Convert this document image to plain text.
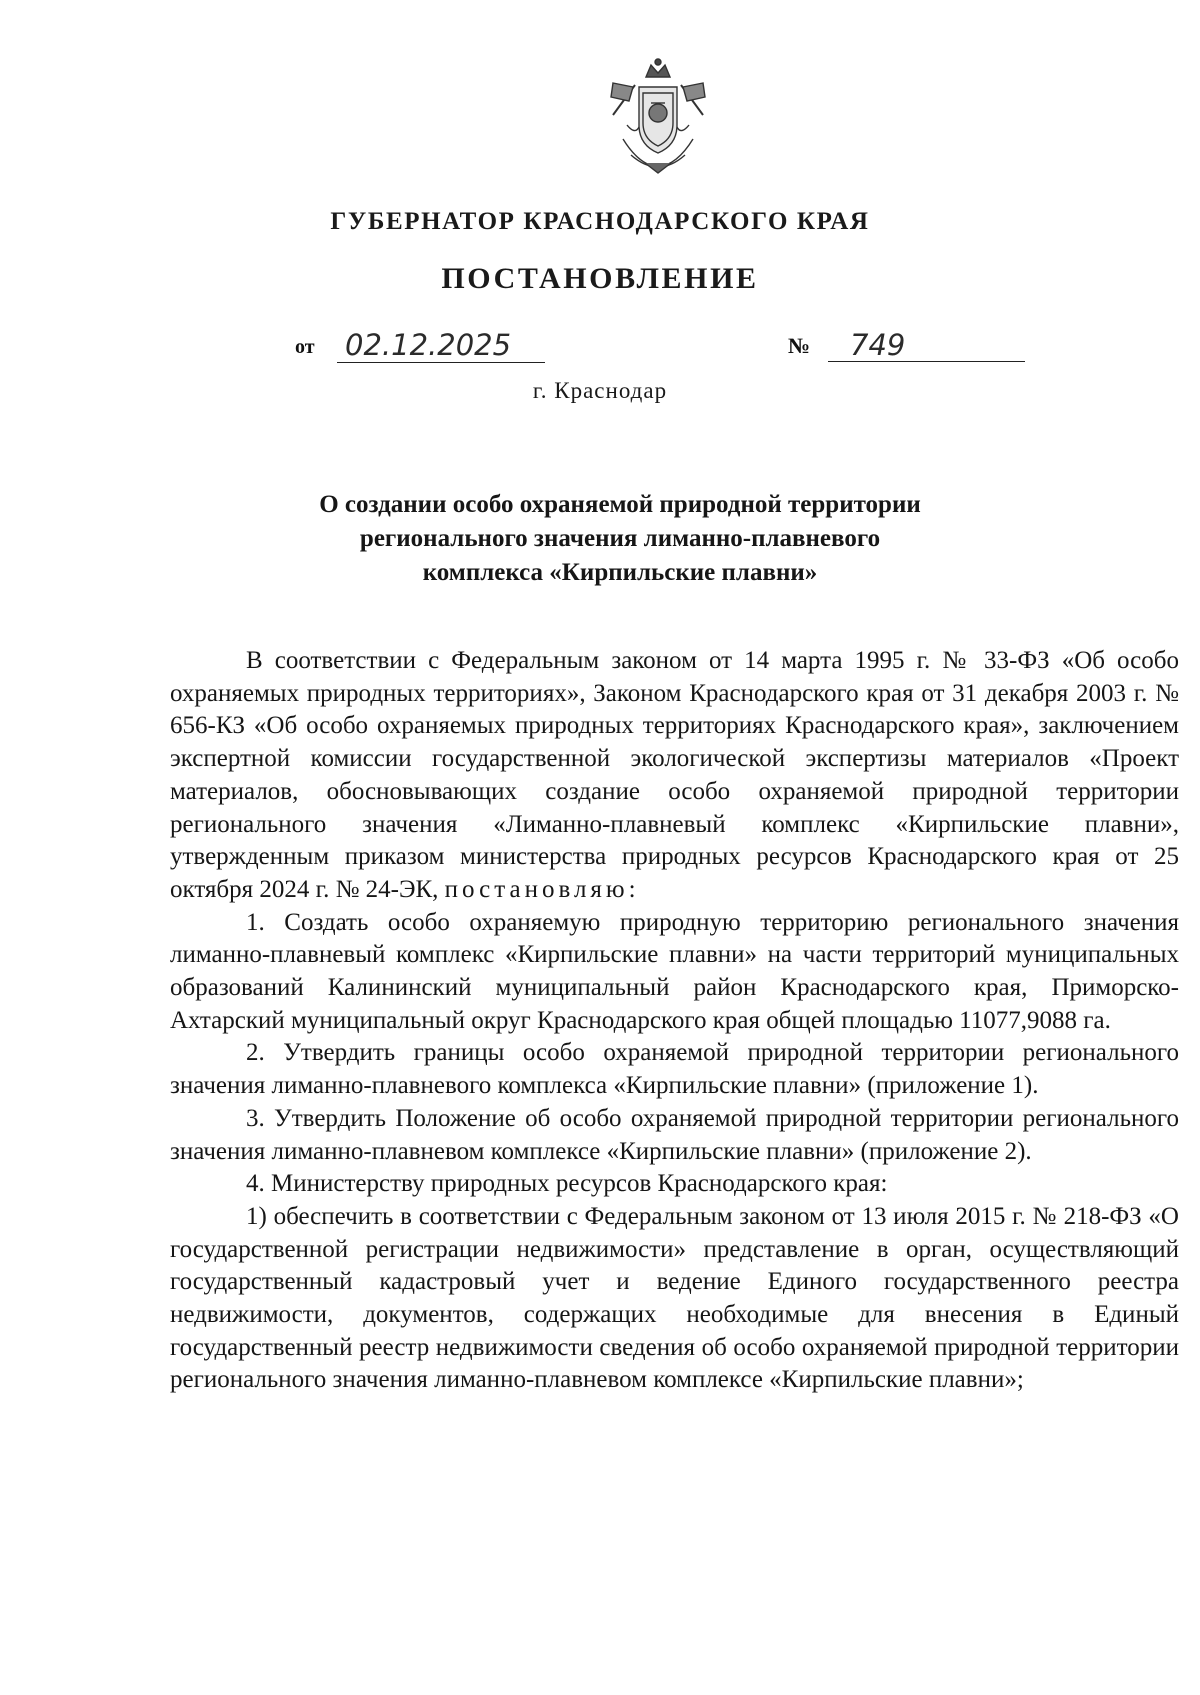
ГУБЕРНАТОР КРАСНОДАРСКОГО КРАЯ
ПОСТАНОВЛЕНИЕ
от 02.12.2025	№	749
г. Краснодар
О создании особо охраняемой природной территории
регионального значения лиманно-плавневого
комплекса «Кирпильские плавни»

В соответствии с Федеральным законом от 14 марта 1995 г. № 33-ФЗ «Об особо охраняемых природных территориях», Законом Краснодарского края от 31 декабря 2003 г. № 656-КЗ «Об особо охраняемых природных территориях Краснодарского края», заключением экспертной комиссии государственной экологической экспертизы материалов «Проект материалов, обосновывающих создание особо охраняемой природной территории регионального значения «Лиманно-плавневый комплекс «Кирпильские плавни», утвержденным приказом министерства природных ресурсов Краснодарского края от 25 октября 2024 г. № 24-ЭК, постановляю:

1. Создать особо охраняемую природную территорию регионального значения лиманно-плавневый комплекс «Кирпильские плавни» на части территорий муниципальных образований Калининский муниципальный район Краснодарского края, Приморско-Ахтарский муниципальный округ Краснодарского края общей площадью 11077,9088 га.

2. Утвердить границы особо охраняемой природной территории регионального значения лиманно-плавневого комплекса «Кирпильские плавни» (приложение 1).

3. Утвердить Положение об особо охраняемой природной территории регионального значения лиманно-плавневом комплексе «Кирпильские плавни» (приложение 2).

4. Министерству природных ресурсов Краснодарского края:

1) обеспечить в соответствии с Федеральным законом от 13 июля 2015 г. № 218-ФЗ «О государственной регистрации недвижимости» представление в орган, осуществляющий государственный кадастровый учет и ведение Единого государственного реестра недвижимости, документов, содержащих необходимые для внесения в Единый государственный реестр недвижимости сведения об особо охраняемой природной территории регионального значения лиманно-плавневом комплексе «Кирпильские плавни»;
